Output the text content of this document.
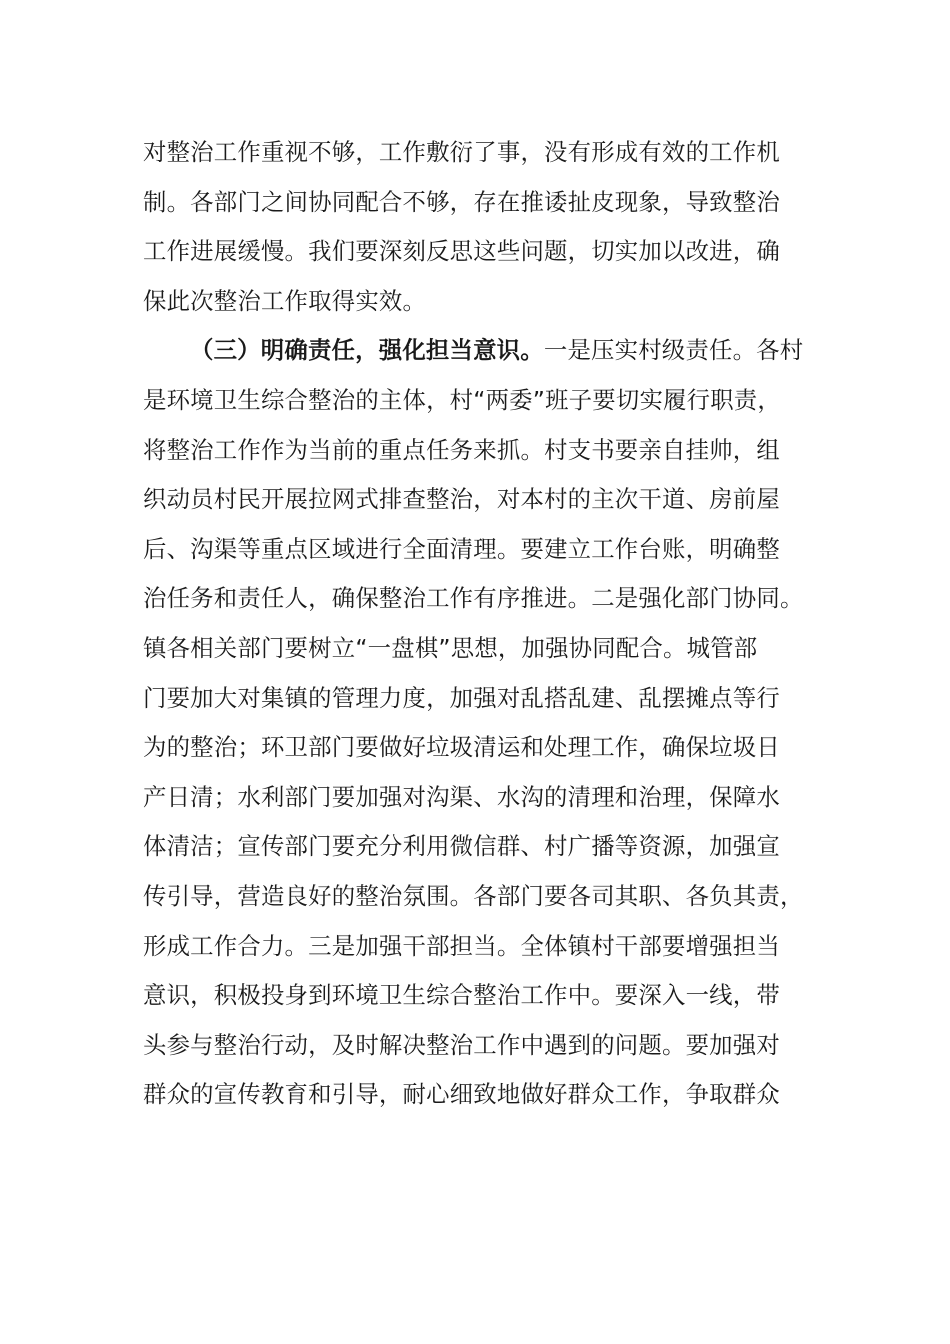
对整治工作重视不够，工作敷衍了事，没有形成有效的工作机
制。各部门之间协同配合不够，存在推诿扯皮现象，导致整治
工作进展缓慢。我们要深刻反思这些问题，切实加以改进，确
保此次整治工作取得实效。
（三）明确责任，强化担当意识。一是压实村级责任。各村
是环境卫生综合整治的主体，村“两委”班子要切实履行职责，
将整治工作作为当前的重点任务来抓。村支书要亲自挂帅，组
织动员村民开展拉网式排查整治，对本村的主次干道、房前屋
后、沟渠等重点区域进行全面清理。要建立工作台账，明确整
治任务和责任人，确保整治工作有序推进。二是强化部门协同。
镇各相关部门要树立“一盘棋”思想，加强协同配合。城管部
门要加大对集镇的管理力度，加强对乱搭乱建、乱摆摊点等行
为的整治；环卫部门要做好垃圾清运和处理工作，确保垃圾日
产日清；水利部门要加强对沟渠、水沟的清理和治理，保障水
体清洁；宣传部门要充分利用微信群、村广播等资源，加强宣
传引导，营造良好的整治氛围。各部门要各司其职、各负其责，
形成工作合力。三是加强干部担当。全体镇村干部要增强担当
意识，积极投身到环境卫生综合整治工作中。要深入一线，带
头参与整治行动，及时解决整治工作中遇到的问题。要加强对
群众的宣传教育和引导，耐心细致地做好群众工作，争取群众
